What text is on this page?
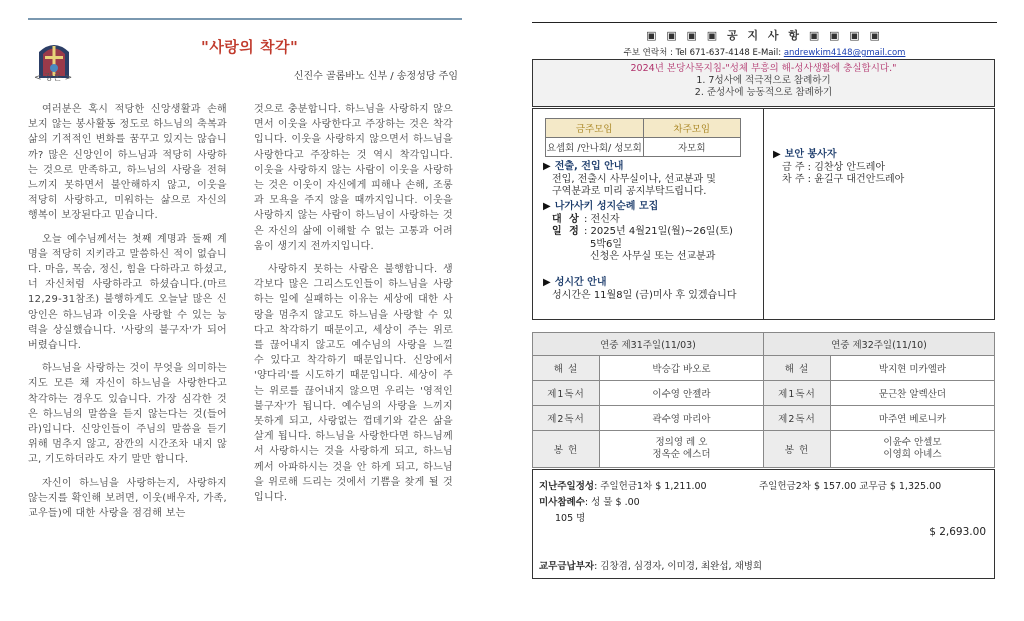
< 강론 >
"사랑의 착각"
신진수 골롬바노 신부 / 송정성당 주임

여러분은 혹시 적당한 신앙생활과 손해 보지 않는 봉사활동 정도로 하느님의 축복과 삶의 기적적인 변화를 꿈꾸고 있지는 않습니까? 많은 신앙인이 하느님과 적당히 사랑하는 것으로 만족하고, 하느님의 사랑을 전혀 느끼지 못하면서 불안해하지 않고, 이웃을 적당히 사랑하고, 미워하는 삶으로 자신의 행복이 보장된다고 믿습니다.

오늘 예수님께서는 첫째 계명과 둘째 계명을 적당히 지키라고 말씀하신 적이 없습니다. 마음, 목숨, 정신, 힘을 다하라고 하셨고, 너 자신처럼 사랑하라고 하셨습니다.(마르 12,29-31참조) 불행하게도 오늘날 많은 신앙인은 하느님과 이웃을 사랑할 수 있는 능력을 상실했습니다. '사랑의 불구자'가 되어 버렸습니다.

하느님을 사랑하는 것이 무엇을 의미하는지도 모른 채 자신이 하느님을 사랑한다고 착각하는 경우도 있습니다. 가장 심각한 것은 하느님의 말씀을 듣지 않는다는 것(들어라)입니다. 신앙인들이 주님의 말씀을 듣기 위해 멈추지 않고, 잠깐의 시간조차 내지 않고, 기도하더라도 자기 말만 합니다.

자신이 하느님을 사랑하는지, 사랑하지 않는지를 확인해 보려면, 이웃(배우자, 가족, 교우들)에 대한 사랑을 점검해 보는

것으로 충분합니다. 하느님을 사랑하지 않으면서 이웃을 사랑한다고 주장하는 것은 착각입니다. 이웃을 사랑하지 않으면서 하느님을 사랑한다고 주장하는 것 역시 착각입니다. 이웃을 사랑하지 않는 사람이 이웃을 사랑하는 것은 이웃이 자신에게 피해나 손해, 조롱과 모욕을 주지 않을 때까지입니다. 이웃을 사랑하지 않는 사람이 하느님이 사랑하는 것은 자신의 삶에 이해할 수 없는 고통과 어려움이 생기지 전까지입니다.

사랑하지 못하는 사람은 불행합니다. 생각보다 많은 그리스도인들이 하느님을 사랑하는 일에 실패하는 이유는 세상에 대한 사랑을 멈추지 않고도 하느님을 사랑할 수 있다고 착각하기 때문이고, 세상이 주는 위로를 끊어내지 않고도 예수님의 사랑을 느낄 수 있다고 착각하기 때문입니다. 신앙에서 '양다리'를 시도하기 때문입니다. 세상이 주는 위로를 끊어내지 않으면 우리는 '영적인 불구자'가 됩니다. 예수님의 사랑을 느끼지 못하게 되고, 사랑없는 껍데기와 같은 삶을 살게 됩니다. 하느님을 사랑한다면 하느님께서 사랑하시는 것을 사랑하게 되고, 하느님께서 아파하시는 것을 안 하게 되고, 하느님을 위로해 드리는 것에서 기쁨을 찾게 될 것입니다.

▣ ▣ ▣ ▣ 공 지 사 항 ▣ ▣ ▣ ▣
주보 연락처 : Tel 671-637-4148 E-Mail: andrewkim4148@gmail.com
2024년 본당사목지침-"성체 부흥의 해-성사생활에 충실합시다."
1. 7성사에 적극적으로 참례하기
2. 준성사에 능동적으로 참례하기
금주모임	차주모임
요셉회 /안나회/ 성모회	자모회
▶ 전출, 전입 안내
전입, 전출시 사무실이나, 선교분과 및
구역분과로 미리 공지부탁드립니다.
▶ 나가사키 성지순례 모집
대 상 : 전신자
일 정 : 2025년 4월21일(월)~26일(토)
5박6일
신청은 사무실 또는 선교분과
▶ 성시간 안내
성시간은 11월8일 (금)미사 후 있겠습니다
▶ 보안 봉사자
금 주 : 김찬상 안드레아
차 주 : 윤길구 대건안드레아
연중 제31주일(11/03)		연중 제32주일(11/10)	
해 설	박승갑 바오로	해 설	박지현 미카엘라
제1독서	이수영 안젤라	제1독서	문근찬 알렉산더
제2독서	곽수영 마리아	제2독서	마주연 베로니카
봉 헌	정의영 레 오
정옥순 에스더	봉 헌	이윤수 안셀모
이영희 아녜스
지난주일정성: 주일헌금1차 $ 1,211.00	주일헌금2차 $ 157.00 교무금 $ 1,325.00
미사참례수: 성 물 $ .00
105 명
$ 2,693.00
교무금납부자: 김창겸, 심경자, 이미경, 최완섭, 채병희
